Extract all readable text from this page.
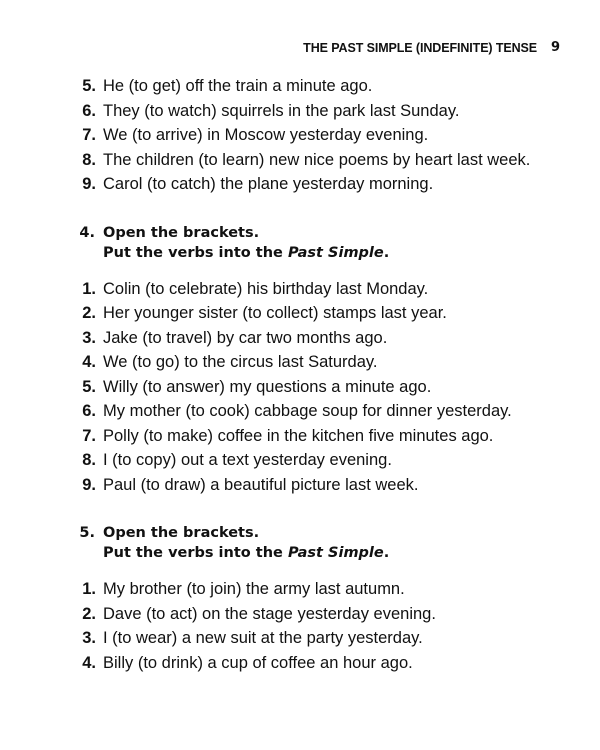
THE PAST SIMPLE (INDEFINITE) TENSE 9
5. He (to get) off the train a minute ago.
6. They (to watch) squirrels in the park last Sunday.
7. We (to arrive) in Moscow yesterday evening.
8. The children (to learn) new nice poems by heart last week.
9. Carol (to catch) the plane yesterday morning.
4. Open the brackets.
Put the verbs into the Past Simple.
1. Colin (to celebrate) his birthday last Monday.
2. Her younger sister (to collect) stamps last year.
3. Jake (to travel) by car two months ago.
4. We (to go) to the circus last Saturday.
5. Willy (to answer) my questions a minute ago.
6. My mother (to cook) cabbage soup for dinner yesterday.
7. Polly (to make) coffee in the kitchen five minutes ago.
8. I (to copy) out a text yesterday evening.
9. Paul (to draw) a beautiful picture last week.
5. Open the brackets.
Put the verbs into the Past Simple.
1. My brother (to join) the army last autumn.
2. Dave (to act) on the stage yesterday evening.
3. I (to wear) a new suit at the party yesterday.
4. Billy (to drink) a cup of coffee an hour ago.
